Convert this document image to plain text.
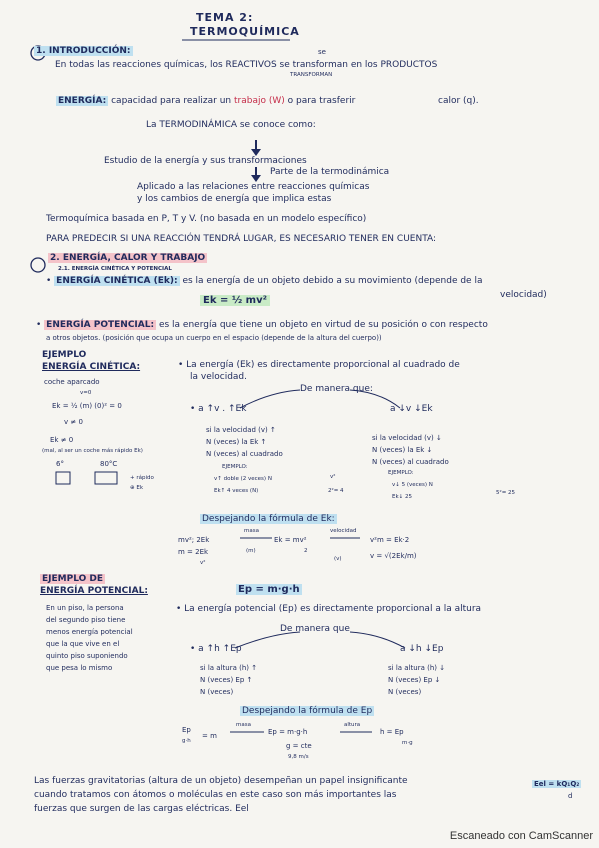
TEMA 2:
TERMOQUÍMICA
1. INTRODUCCIÓN:	se
En todas las reacciones químicas, los REACTIVOS se transforman en los PRODUCTOS
TRANSFORMAN
ENERGÍA: capacidad para realizar un trabajo (W) o para trasferir	calor (q).
La TERMODINÁMICA se conoce como:
Estudio de la energía y sus transformaciones
Parte de la termodinámica
Aplicado a las relaciones entre reacciones químicas
y los cambios de energía que implica estas
Termoquímica basada en P, T y V. (no basada en un modelo específico)
PARA PREDECIR SI UNA REACCIÓN TENDRÁ LUGAR, ES NECESARIO TENER EN CUENTA:
2. ENERGÍA, CALOR Y TRABAJO
2.1. ENERGÍA CINÉTICA Y POTENCIAL
• ENERGÍA CINÉTICA (Ek): es la energía de un objeto debido a su movimiento (depende de la
velocidad)
Ek = ½ mv²
• ENERGÍA POTENCIAL: es la energía que tiene un objeto en virtud de su posición o con respecto
a otros objetos. (posición que ocupa un cuerpo en el espacio (depende de la altura del cuerpo))
EJEMPLO
ENERGÍA CINÉTICA:
coche aparcado
v=0
Ek = ½ (m) (0)² = 0
v ≠ 0
Ek ≠ 0
(mal, al ser un coche más rápido Ek)
6°	80°C
+ rápido
⊕ Ek
• La energía (Ek) es directamente proporcional al cuadrado de
la velocidad.
De manera que:
• a ↑v . ↑Ek	a ↓v ↓Ek
si la velocidad (v) ↑
N (veces) la Ek ↑
N (veces) al cuadrado
EJEMPLO:
v↑ doble (2 veces) N
Ek↑ 4 veces (N)
v²
2²= 4
si la velocidad (v) ↓
N (veces) la Ek ↓
N (veces) al cuadrado
EJEMPLO:
v↓ 5 (veces) N
Ek↓ 25
5²= 25
Despejando la fórmula de Ek:
mv²; 2Ek
m = 2Ek
v²
masa
(m)
Ek = mv²
2
velocidad
(v)
v²m = Ek·2
v = √(2Ek/m)
EJEMPLO DE
ENERGÍA POTENCIAL:
En un piso, la persona
del segundo piso tiene
menos energía potencial
que la que vive en el
quinto piso suponiendo
que pesa lo mismo
Ep = m·g·h
• La energía potencial (Ep) es directamente proporcional a la altura
De manera que
• a ↑h ↑Ep	a ↓h ↓Ep
si la altura (h) ↑
N (veces) Ep ↑
N (veces)
si la altura (h) ↓
N (veces) Ep ↓
N (veces)
Despejando la fórmula de Ep
Ep
g·h
= m
masa
Ep = m·g·h
altura
h = Ep
m·g
g = cte
9,8 m/s
Las fuerzas gravitatorias (altura de un objeto) desempeñan un papel insignificante
cuando tratamos con átomos o moléculas en este caso son más importantes las
fuerzas que surgen de las cargas eléctricas. Eel
Eel = kQ₁Q₂
d
Escaneado con CamScanner
